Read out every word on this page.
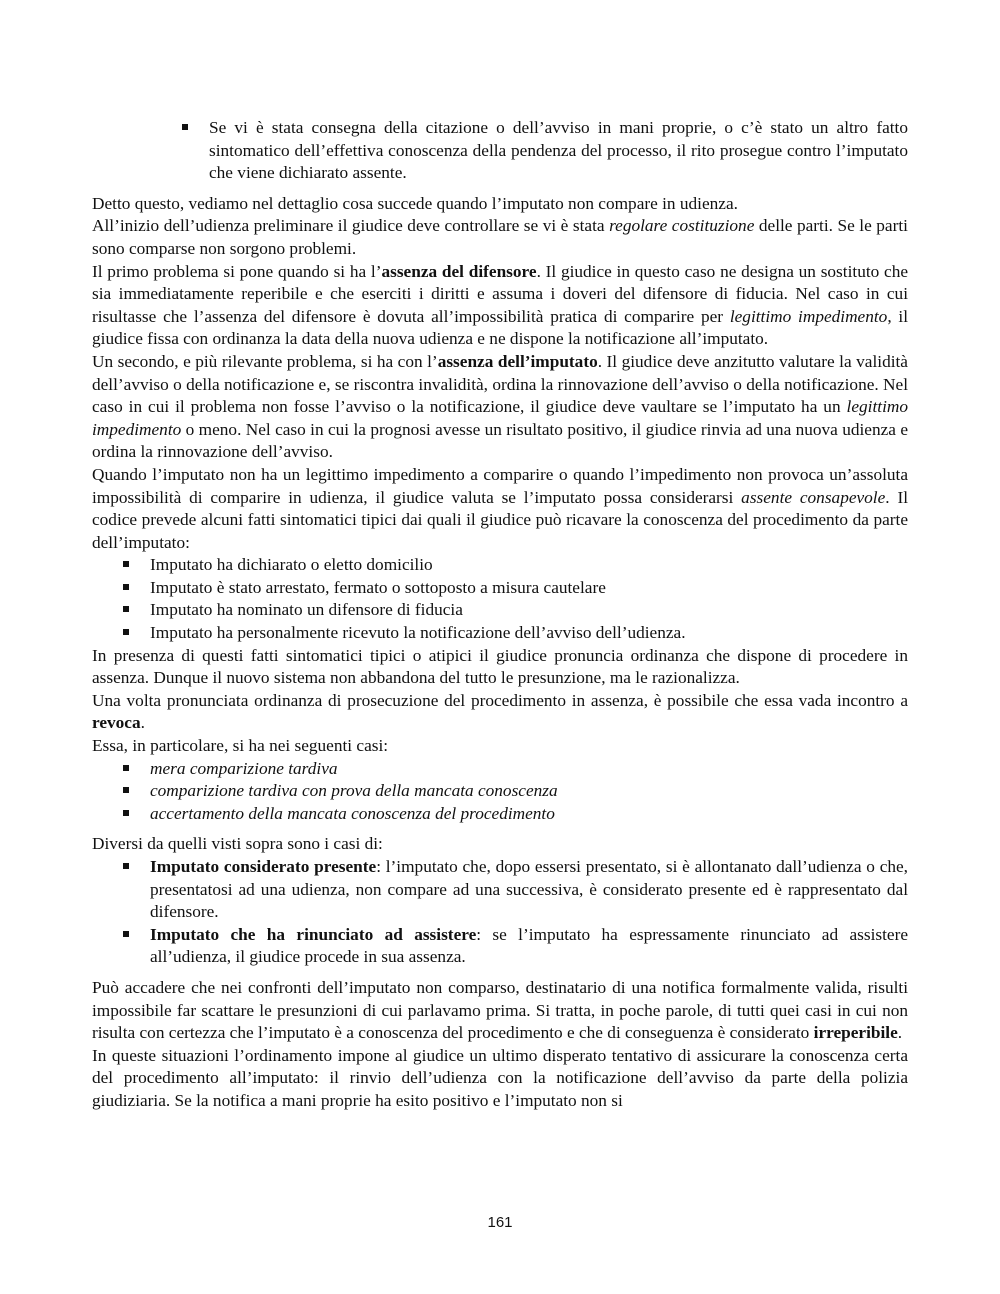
Se vi è stata consegna della citazione o dell’avviso in mani proprie, o c’è stato un altro fatto sintomatico dell’effettiva conoscenza della pendenza del processo, il rito prosegue contro l’imputato che viene dichiarato assente.

Detto questo, vediamo nel dettaglio cosa succede quando l’imputato non compare in udienza.

All’inizio dell’udienza preliminare il giudice deve controllare se vi è stata regolare costituzione delle parti. Se le parti sono comparse non sorgono problemi.

Il primo problema si pone quando si ha l’assenza del difensore. Il giudice in questo caso ne designa un sostituto che sia immediatamente reperibile e che eserciti i diritti e assuma i doveri del difensore di fiducia. Nel caso in cui risultasse che l’assenza del difensore è dovuta all’impossibilità pratica di comparire per legittimo impedimento, il giudice fissa con ordinanza la data della nuova udienza e ne dispone la notificazione all’imputato.

Un secondo, e più rilevante problema, si ha con l’assenza dell’imputato. Il giudice deve anzitutto valutare la validità dell’avviso o della notificazione e, se riscontra invalidità, ordina la rinnovazione dell’avviso o della notificazione. Nel caso in cui il problema non fosse l’avviso o la notificazione, il giudice deve vaultare se l’imputato ha un legittimo impedimento o meno. Nel caso in cui la prognosi avesse un risultato positivo, il giudice rinvia ad una nuova udienza e ordina la rinnovazione dell’avviso.

Quando l’imputato non ha un legittimo impedimento a comparire o quando l’impedimento non provoca un’assoluta impossibilità di comparire in udienza, il giudice valuta se l’imputato possa considerarsi assente consapevole. Il codice prevede alcuni fatti sintomatici tipici dai quali il giudice può ricavare la conoscenza del procedimento da parte dell’imputato:

Imputato ha dichiarato o eletto domicilio
Imputato è stato arrestato, fermato o sottoposto a misura cautelare
Imputato ha nominato un difensore di fiducia
Imputato ha personalmente ricevuto la notificazione dell’avviso dell’udienza.

In presenza di questi fatti sintomatici tipici o atipici il giudice pronuncia ordinanza che dispone di procedere in assenza. Dunque il nuovo sistema non abbandona del tutto le presunzione, ma le razionalizza.

Una volta pronunciata ordinanza di prosecuzione del procedimento in assenza, è possibile che essa vada incontro a revoca.

Essa, in particolare, si ha nei seguenti casi:

mera comparizione tardiva
comparizione tardiva con prova della mancata conoscenza
accertamento della mancata conoscenza del procedimento

Diversi da quelli visti sopra sono i casi di:

Imputato considerato presente: l’imputato che, dopo essersi presentato, si è allontanato dall’udienza o che, presentatosi ad una udienza, non compare ad una successiva, è considerato presente ed è rappresentato dal difensore.
Imputato che ha rinunciato ad assistere: se l’imputato ha espressamente rinunciato ad assistere all’udienza, il giudice procede in sua assenza.

Può accadere che nei confronti dell’imputato non comparso, destinatario di una notifica formalmente valida, risulti impossibile far scattare le presunzioni di cui parlavamo prima. Si tratta, in poche parole, di tutti quei casi in cui non risulta con certezza che l’imputato è a conoscenza del procedimento e che di conseguenza è considerato irreperibile.

In queste situazioni l’ordinamento impone al giudice un ultimo disperato tentativo di assicurare la conoscenza certa del procedimento all’imputato: il rinvio dell’udienza con la notificazione dell’avviso da parte della polizia giudiziaria. Se la notifica a mani proprie ha esito positivo e l’imputato non si

161
